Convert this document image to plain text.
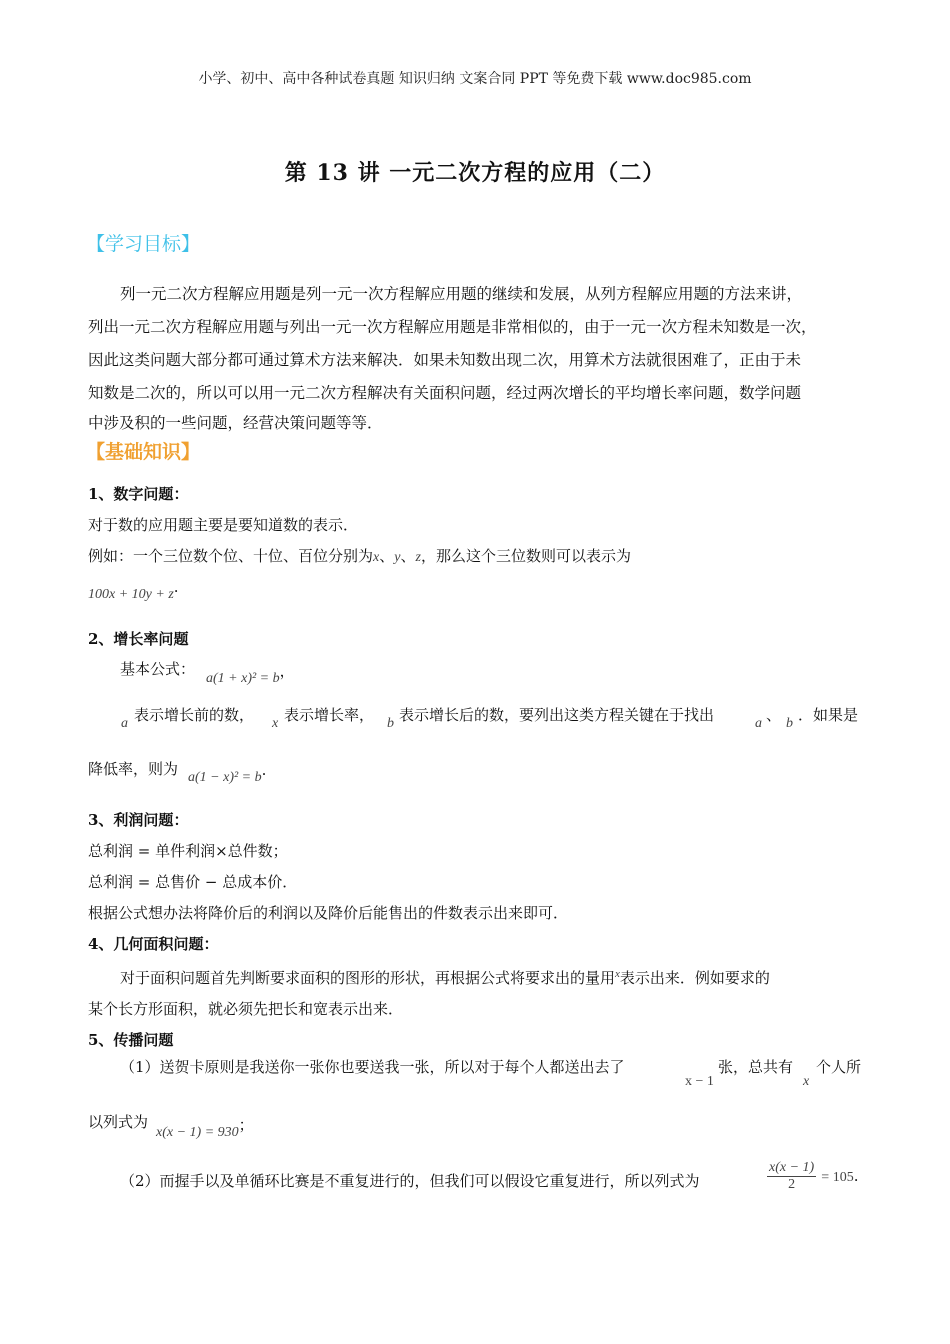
小学、初中、高中各种试卷真题 知识归纳 文案合同 PPT 等免费下载 www.doc985.com
第 13 讲 一元二次方程的应用（二）
【学习目标】
列一元二次方程解应用题是列一元一次方程解应用题的继续和发展，从列方程解应用题的方法来讲，
列出一元二次方程解应用题与列出一元一次方程解应用题是非常相似的，由于一元一次方程未知数是一次，
因此这类问题大部分都可通过算术方法来解决．如果未知数出现二次，用算术方法就很困难了，正由于未
知数是二次的，所以可以用一元二次方程解决有关面积问题，经过两次增长的平均增长率问题，数学问题
中涉及积的一些问题，经营决策问题等等．
【基础知识】
1、数字问题：
对于数的应用题主要是要知道数的表示．
例如：一个三位数个位、十位、百位分别为x、y、z，那么这个三位数则可以表示为
100x + 10y + z.
2、增长率问题
基本公式：
a(1 + x)² = b，
a 表示增长前的数， x 表示增长率， b 表示增长后的数，要列出这类方程关键在于找出	a 、 b ．如果是
降低率，则为 a(1 − x)² = b.
3、利润问题：
总利润 = 单件利润×总件数；
总利润 = 总售价 − 总成本价．
根据公式想办法将降价后的利润以及降价后能售出的件数表示出来即可．
4、几何面积问题：
对于面积问题首先判断要求面积的图形的形状，再根据公式将要求出的量用$^x$表示出来．例如要求的
某个长方形面积，就必须先把长和宽表示出来．
5、传播问题
（1）送贺卡原则是我送你一张你也要送我一张，所以对于每个人都送出去了
x − 1
张，总共有
x
个人所
以列式为
x(x − 1) = 930；
（2）而握手以及单循环比赛是不重复进行的，但我们可以假设它重复进行，所以列式为	$\frac{x(x - 1)}{2} = 105$.
